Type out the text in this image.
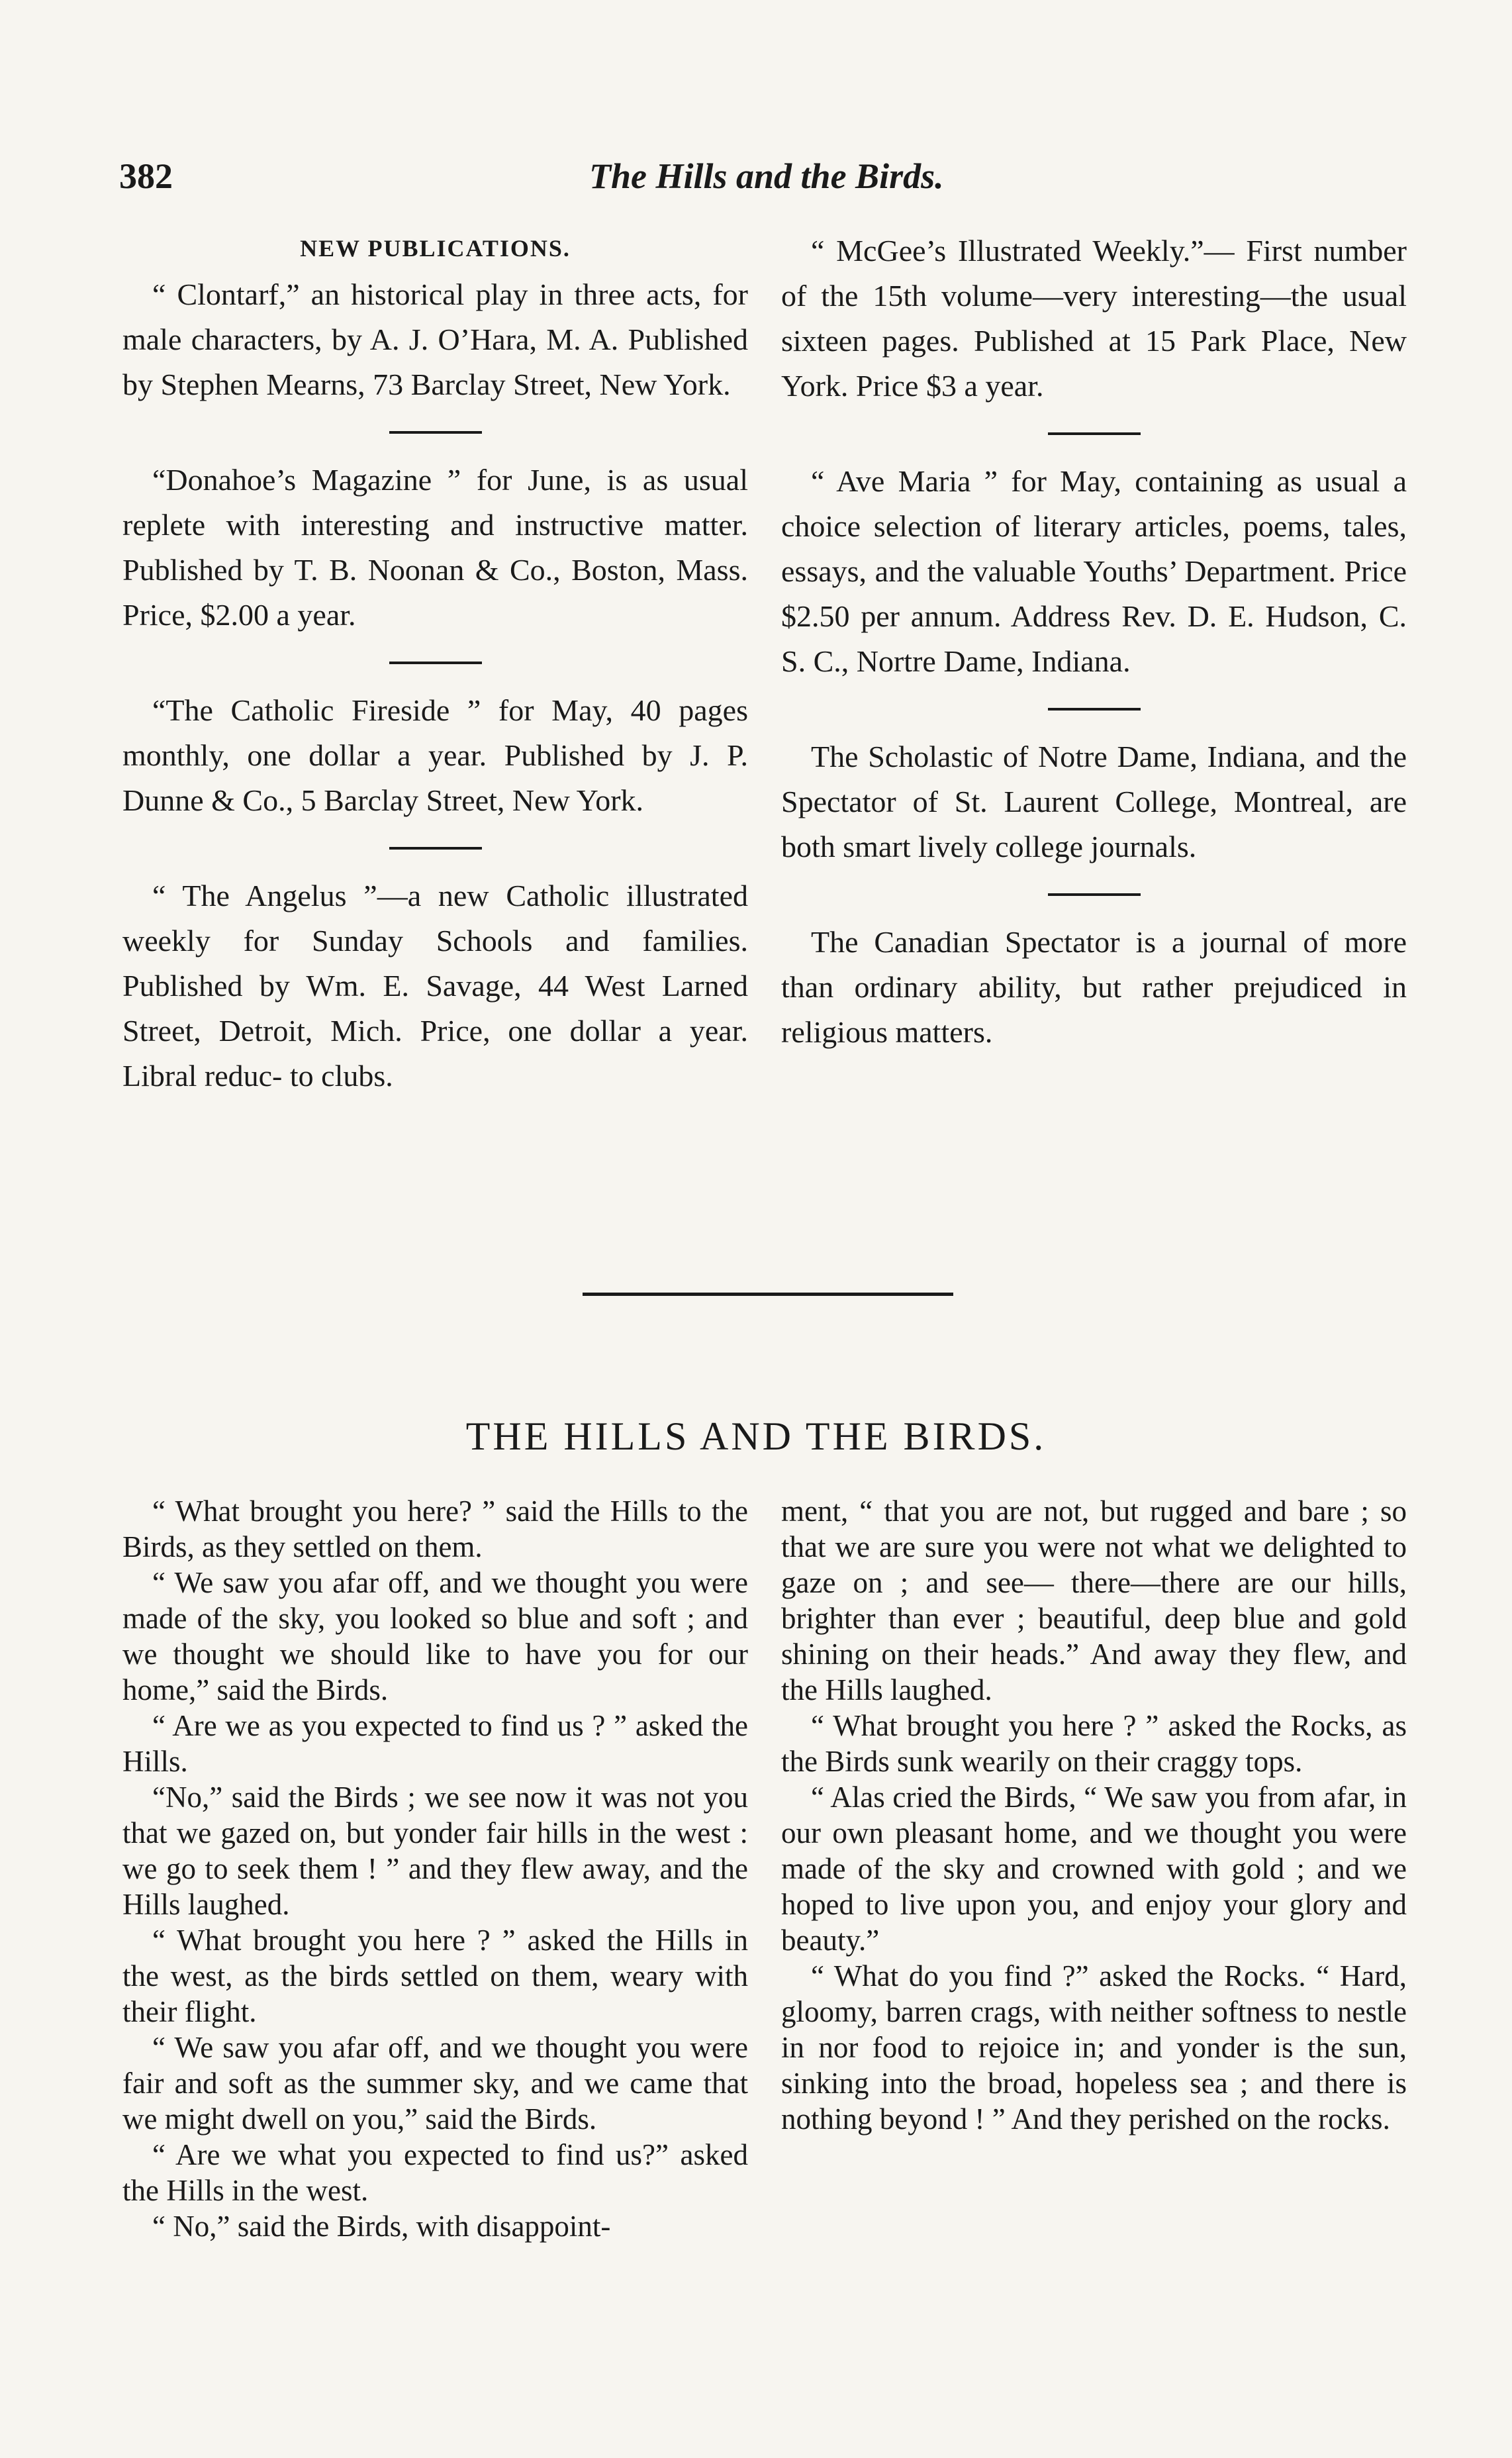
382	The Hills and the Birds.
NEW PUBLICATIONS.

“ Clontarf,” an historical play in three acts, for male characters, by A. J. O’Hara, M. A. Published by Stephen Mearns, 73 Barclay Street, New York.

“Donahoe’s Magazine ” for June, is as usual replete with interesting and instructive matter. Published by T. B. Noonan & Co., Boston, Mass. Price, $2.00 a year.

“The Catholic Fireside ” for May, 40 pages monthly, one dollar a year. Published by J. P. Dunne & Co., 5 Barclay Street, New York.

“ The Angelus ”—a new Catholic illustrated weekly for Sunday Schools and families. Published by Wm. E. Savage, 44 West Larned Street, Detroit, Mich. Price, one dollar a year. Libral reduc- to clubs.

“ McGee’s Illustrated Weekly.”— First number of the 15th volume—very interesting—the usual sixteen pages. Published at 15 Park Place, New York. Price $3 a year.

“ Ave Maria ” for May, containing as usual a choice selection of literary articles, poems, tales, essays, and the valuable Youths’ Department. Price $2.50 per annum. Address Rev. D. E. Hudson, C. S. C., Nortre Dame, Indiana.

The Scholastic of Notre Dame, Indiana, and the Spectator of St. Laurent College, Montreal, are both smart lively college journals.

The Canadian Spectator is a journal of more than ordinary ability, but rather prejudiced in religious matters.

THE HILLS AND THE BIRDS.

“ What brought you here? ” said the Hills to the Birds, as they settled on them.

“ We saw you afar off, and we thought you were made of the sky, you looked so blue and soft ; and we thought we should like to have you for our home,” said the Birds.

“ Are we as you expected to find us ? ” asked the Hills.

“No,” said the Birds ; we see now it was not you that we gazed on, but yonder fair hills in the west : we go to seek them ! ” and they flew away, and the Hills laughed.

“ What brought you here ? ” asked the Hills in the west, as the birds settled on them, weary with their flight.

“ We saw you afar off, and we thought you were fair and soft as the summer sky, and we came that we might dwell on you,” said the Birds.

“ Are we what you expected to find us?” asked the Hills in the west.

“ No,” said the Birds, with disappoint-

ment, “ that you are not, but rugged and bare ; so that we are sure you were not what we delighted to gaze on ; and see— there—there are our hills, brighter than ever ; beautiful, deep blue and gold shining on their heads.” And away they flew, and the Hills laughed.

“ What brought you here ? ” asked the Rocks, as the Birds sunk wearily on their craggy tops.

“ Alas cried the Birds, “ We saw you from afar, in our own pleasant home, and we thought you were made of the sky and crowned with gold ; and we hoped to live upon you, and enjoy your glory and beauty.”

“ What do you find ?” asked the Rocks. “ Hard, gloomy, barren crags, with neither softness to nestle in nor food to rejoice in; and yonder is the sun, sinking into the broad, hopeless sea ; and there is nothing beyond ! ” And they perished on the rocks.
